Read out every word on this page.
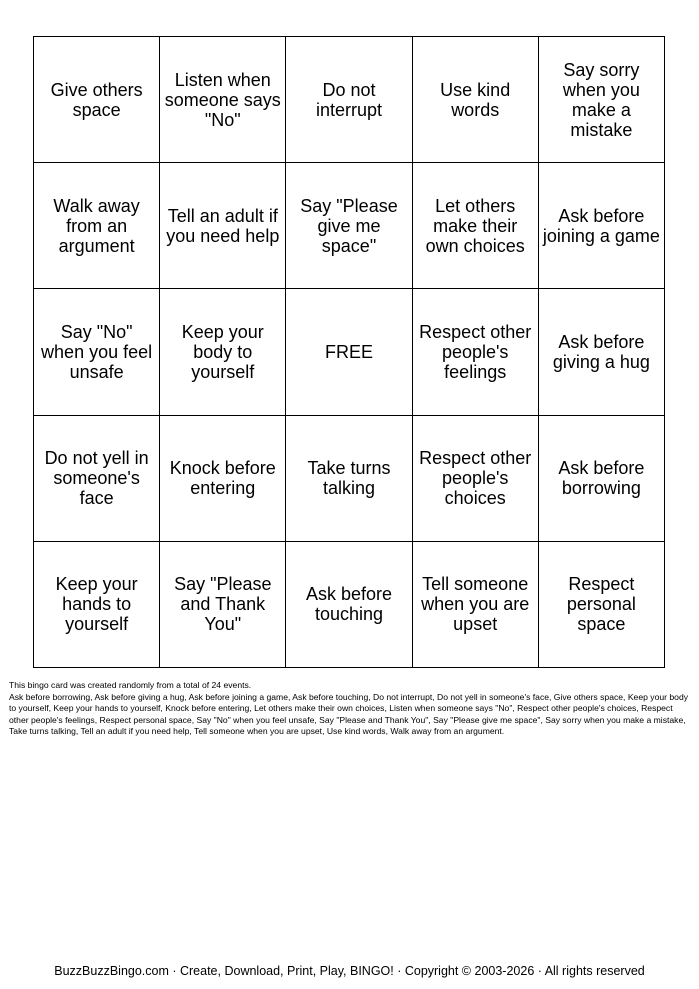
Give others space
Listen when someone says "No"
Do not interrupt
Use kind words
Say sorry when you make a mistake
Walk away from an argument
Tell an adult if you need help
Say "Please give me space"
Let others make their own choices
Ask before joining a game
Say "No" when you feel unsafe
Keep your body to yourself
FREE
Respect other people's feelings
Ask before giving a hug
Do not yell in someone's face
Knock before entering
Take turns talking
Respect other people's choices
Ask before borrowing
Keep your hands to yourself
Say "Please and Thank You"
Ask before touching
Tell someone when you are upset
Respect personal space

This bingo card was created randomly from a total of 24 events.

Ask before borrowing, Ask before giving a hug, Ask before joining a game, Ask before touching, Do not interrupt, Do not yell in someone's face, Give others space, Keep your body to yourself, Keep your hands to yourself, Knock before entering, Let others make their own choices, Listen when someone says "No", Respect other people's choices, Respect other people's feelings, Respect personal space, Say "No" when you feel unsafe, Say "Please and Thank You", Say "Please give me space", Say sorry when you make a mistake, Take turns talking, Tell an adult if you need help, Tell someone when you are upset, Use kind words, Walk away from an argument.

BuzzBuzzBingo.com · Create, Download, Print, Play, BINGO! · Copyright © 2003-2026 · All rights reserved
